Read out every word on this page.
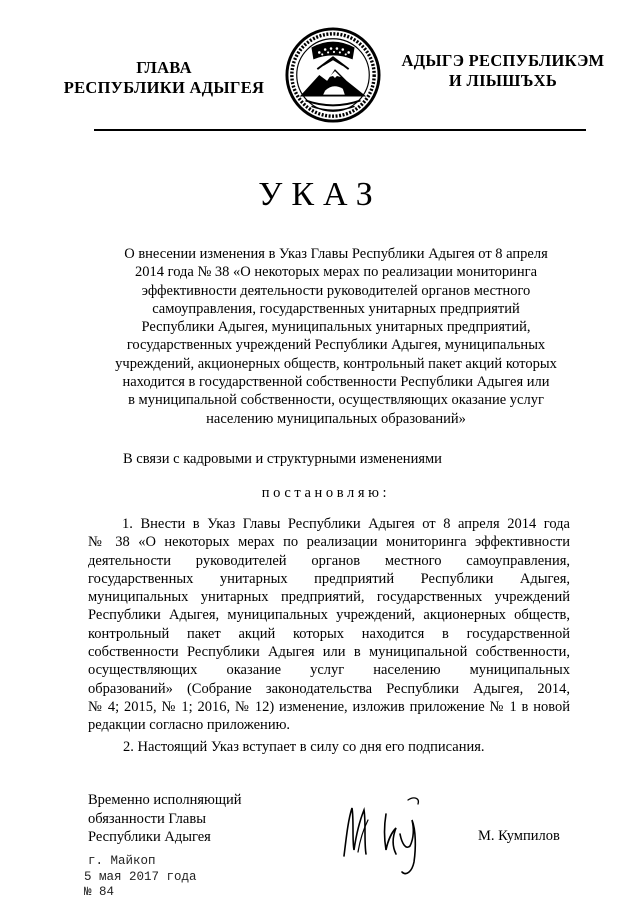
ГЛАВА
РЕСПУБЛИКИ АДЫГЕЯ
АДЫГЭ РЕСПУБЛИКЭМ
И ЛІЫШЪХЬ
УКАЗ
О внесении изменения в Указ Главы Республики Адыгея от 8 апреля
2014 года № 38 «О некоторых мерах по реализации мониторинга
эффективности деятельности руководителей органов местного
самоуправления, государственных унитарных предприятий
Республики Адыгея, муниципальных унитарных предприятий,
государственных учреждений Республики Адыгея, муниципальных
учреждений, акционерных обществ, контрольный пакет акций которых
находится в государственной собственности Республики Адыгея или
в муниципальной собственности, осуществляющих оказание услуг
населению муниципальных образований»
В связи с кадровыми и структурными изменениями
постановляю:
1. Внести в Указ Главы Республики Адыгея от 8 апреля 2014 года
№ 38 «О некоторых мерах по реализации мониторинга эффективности
деятельности руководителей органов местного самоуправления,
государственных унитарных предприятий Республики Адыгея,
муниципальных унитарных предприятий, государственных учреждений
Республики Адыгея, муниципальных учреждений, акционерных обществ,
контрольный пакет акций которых находится в государственной
собственности Республики Адыгея или в муниципальной собственности,
осуществляющих оказание услуг населению муниципальных
образований» (Собрание законодательства Республики Адыгея, 2014,
№ 4; 2015, № 1; 2016, № 12) изменение, изложив приложение № 1 в новой
редакции согласно приложению.
2. Настоящий Указ вступает в силу со дня его подписания.
Временно исполняющий
обязанности Главы
Республики Адыгея	М. Кумпилов
г. Майкоп
5 мая 2017 года
№ 84
